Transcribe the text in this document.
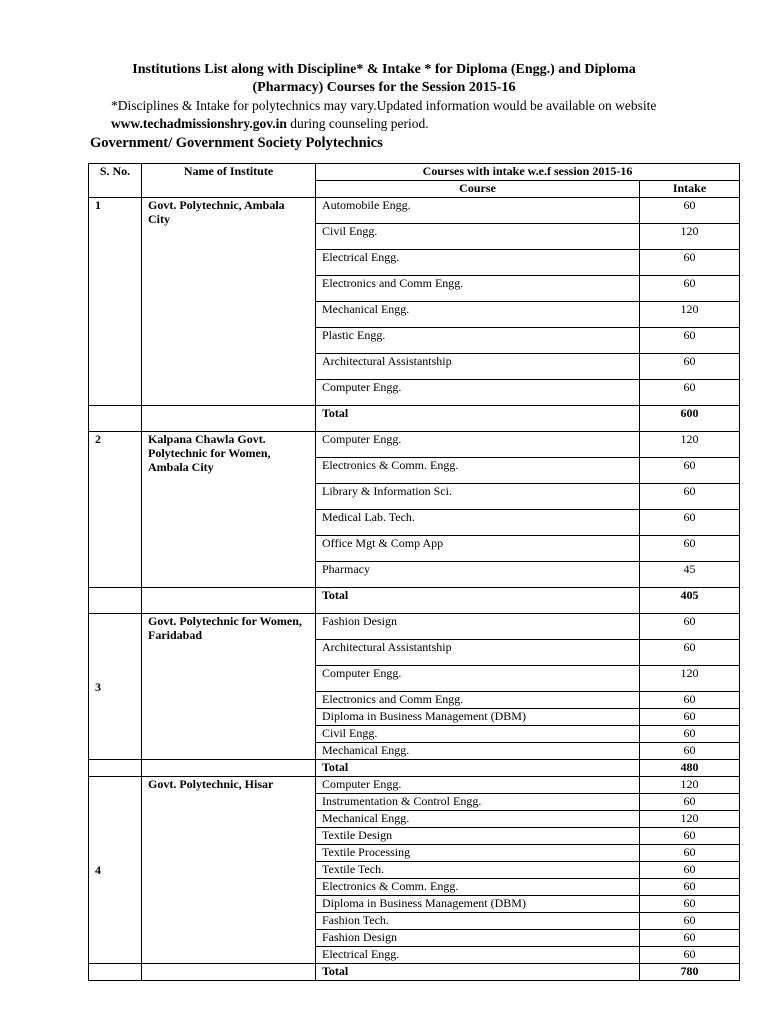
Institutions List along with Discipline* & Intake * for Diploma (Engg.) and Diploma
(Pharmacy) Courses for the Session 2015-16
*Disciplines & Intake for polytechnics may vary.Updated information would be available on website
www.techadmissionshry.gov.in during counseling period.
Government/ Government Society Polytechnics
S. No.	Name of Institute	Courses with intake w.e.f session 2015-16	
		Course	Intake
1	Govt. Polytechnic, Ambala City	Automobile Engg.	60
		Civil Engg.	120
		Electrical Engg.	60
		Electronics and Comm Engg.	60
		Mechanical Engg.	120
		Plastic Engg.	60
		Architectural Assistantship	60
		Computer Engg.	60
		Total	600
2	Kalpana Chawla Govt. Polytechnic for Women, Ambala City	Computer Engg.	120
		Electronics & Comm. Engg.	60
		Library & Information Sci.	60
		Medical Lab. Tech.	60
		Office Mgt & Comp App	60
		Pharmacy	45
		Total	405
3	Govt. Polytechnic for Women, Faridabad	Fashion Design	60
		Architectural Assistantship	60
		Computer Engg.	120
		Electronics and Comm Engg.	60
		Diploma in Business Management (DBM)	60
		Civil Engg.	60
		Mechanical Engg.	60
		Total	480
4	Govt. Polytechnic, Hisar	Computer Engg.	120
		Instrumentation & Control Engg.	60
		Mechanical Engg.	120
		Textile Design	60
		Textile Processing	60
		Textile Tech.	60
		Electronics & Comm. Engg.	60
		Diploma in Business Management (DBM)	60
		Fashion Tech.	60
		Fashion Design	60
		Electrical Engg.	60
		Total	780
